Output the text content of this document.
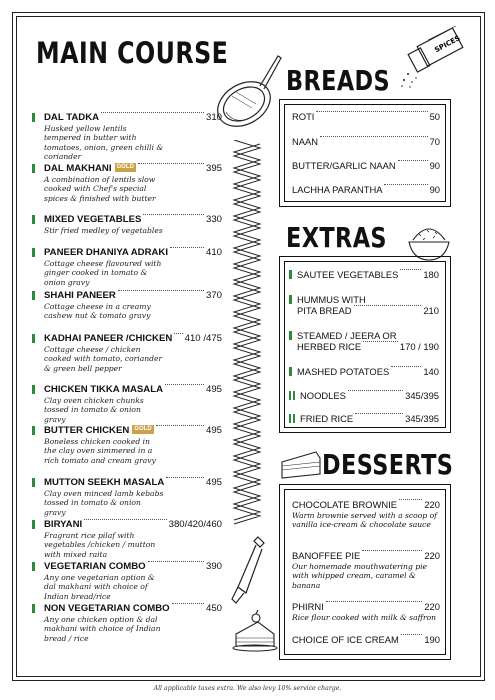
MAIN COURSE
DAL TADKA	310
Husked yellow lentils tempered in butter with tomatoes, onion, green chilli & coriander
DAL MAKHANI GOLD	395
A combination of lentils slow cooked with Chef's special spices & finished with butter
MIXED VEGETABLES	330
Stir fried medley of vegetables
PANEER DHANIYA ADRAKI	410
Cottage cheese flavoured with ginger cooked in tomato & onion gravy
SHAHI PANEER	370
Cottage cheese in a creamy cashew nut & tomato gravy
KADHAI PANEER /CHICKEN 410 /475
Cottage cheese / chicken cooked with tomato, coriander & green bell pepper
CHICKEN TIKKA MASALA	495
Clay oven chicken chunks tossed in tomato & onion gravy
BUTTER CHICKEN GOLD	495
Boneless chicken cooked in the clay oven simmered in a rich tomato and cream gravy
MUTTON SEEKH MASALA	495
Clay oven minced lamb kebabs tossed in tomato & onion gravy
BIRYANI	380/420/460
Fragrant rice pilaf with vegetables /chicken / mutton with mixed raita
VEGETARIAN COMBO	390
Any one vegetarian option & dal makhani with choice of Indian bread/rice
NON VEGETARIAN COMBO	450
Any one chicken option & dal makhani with choice of Indian bread / rice
SPICES
BREADS
ROTI	50
NAAN	70
BUTTER/GARLIC NAAN	90
LACHHA PARANTHA	90
EXTRAS
SAUTEE VEGETABLES	180
HUMMUS WITH
PITA BREAD	210
STEAMED / JEERA OR
HERBED RICE	170 / 190
MASHED POTATOES	140
NOODLES	345/395
FRIED RICE	345/395
DESSERTS
CHOCOLATE BROWNIE	220
Warm brownie served with a scoop of vanilla ice-cream & chocolate sauce
BANOFFEE PIE	220
Our homemade mouthwatering pie with whipped cream, caramel & banana
PHIRNI	220
Rice flour cooked with milk & saffron
CHOICE OF ICE CREAM	190
All applicable taxes extra. We also levy 10% service charge.
